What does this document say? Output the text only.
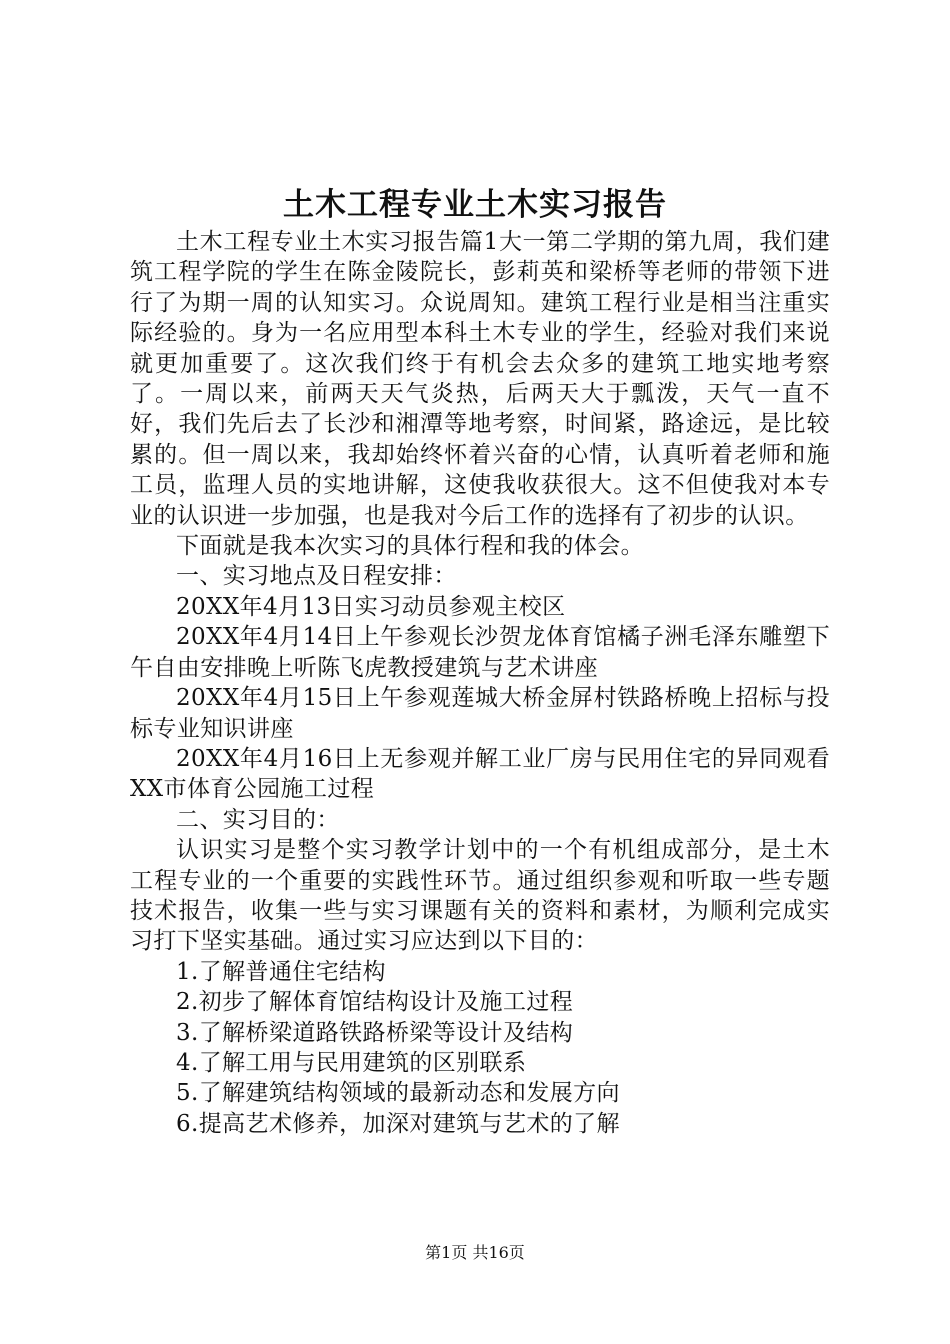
土木工程专业土木实习报告

土木工程专业土木实习报告篇1大一第二学期的第九周，我们建筑工程学院的学生在陈金陵院长，彭莉英和梁桥等老师的带领下进行了为期一周的认知实习。众说周知。建筑工程行业是相当注重实际经验的。身为一名应用型本科土木专业的学生，经验对我们来说就更加重要了。这次我们终于有机会去众多的建筑工地实地考察了。一周以来，前两天天气炎热，后两天大于瓢泼，天气一直不好，我们先后去了长沙和湘潭等地考察，时间紧，路途远，是比较累的。但一周以来，我却始终怀着兴奋的心情，认真听着老师和施工员，监理人员的实地讲解，这使我收获很大。这不但使我对本专业的认识进一步加强，也是我对今后工作的选择有了初步的认识。

下面就是我本次实习的具体行程和我的体会。

一、实习地点及日程安排：

20XX年4月13日实习动员参观主校区

20XX年4月14日上午参观长沙贺龙体育馆橘子洲毛泽东雕塑下午自由安排晚上听陈飞虎教授建筑与艺术讲座

20XX年4月15日上午参观莲城大桥金屏村铁路桥晚上招标与投标专业知识讲座

20XX年4月16日上无参观并解工业厂房与民用住宅的异同观看XX市体育公园施工过程

二、实习目的：

认识实习是整个实习教学计划中的一个有机组成部分，是土木工程专业的一个重要的实践性环节。通过组织参观和听取一些专题技术报告，收集一些与实习课题有关的资料和素材，为顺利完成实习打下坚实基础。通过实习应达到以下目的：

1.了解普通住宅结构

2.初步了解体育馆结构设计及施工过程

3.了解桥梁道路铁路桥梁等设计及结构

4.了解工用与民用建筑的区别联系

5.了解建筑结构领域的最新动态和发展方向

6.提高艺术修养，加深对建筑与艺术的了解

第1页 共16页
